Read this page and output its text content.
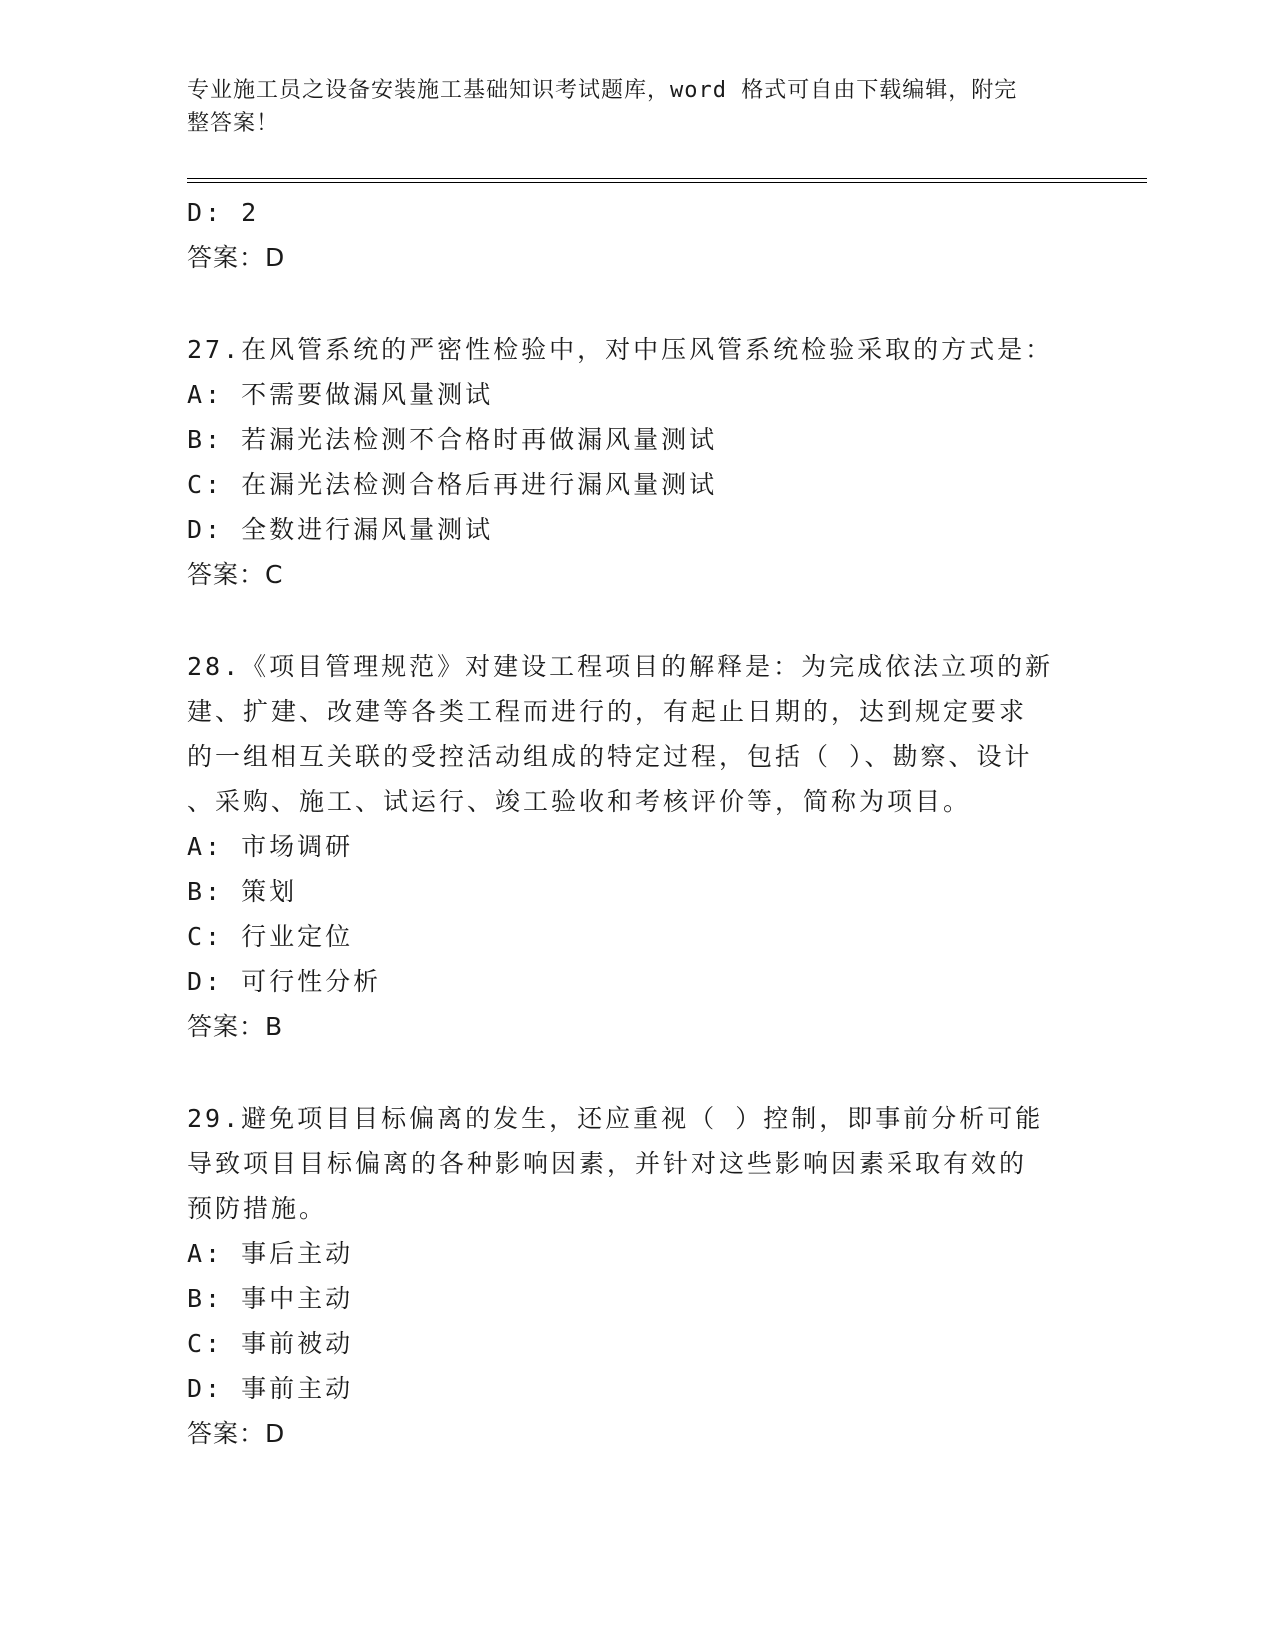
专业施工员之设备安装施工基础知识考试题库，word 格式可自由下载编辑，附完
整答案！
D: 2
答案：D
27.在风管系统的严密性检验中，对中压风管系统检验采取的方式是：
A: 不需要做漏风量测试
B: 若漏光法检测不合格时再做漏风量测试
C: 在漏光法检测合格后再进行漏风量测试
D: 全数进行漏风量测试
答案：C
28.《项目管理规范》对建设工程项目的解释是：为完成依法立项的新
建、扩建、改建等各类工程而进行的，有起止日期的，达到规定要求
的一组相互关联的受控活动组成的特定过程，包括（ ）、勘察、设计
、采购、施工、试运行、竣工验收和考核评价等，简称为项目。
A: 市场调研
B: 策划
C: 行业定位
D: 可行性分析
答案：B
29.避免项目目标偏离的发生，还应重视（ ）控制，即事前分析可能
导致项目目标偏离的各种影响因素，并针对这些影响因素采取有效的
预防措施。
A: 事后主动
B: 事中主动
C: 事前被动
D: 事前主动
答案：D
